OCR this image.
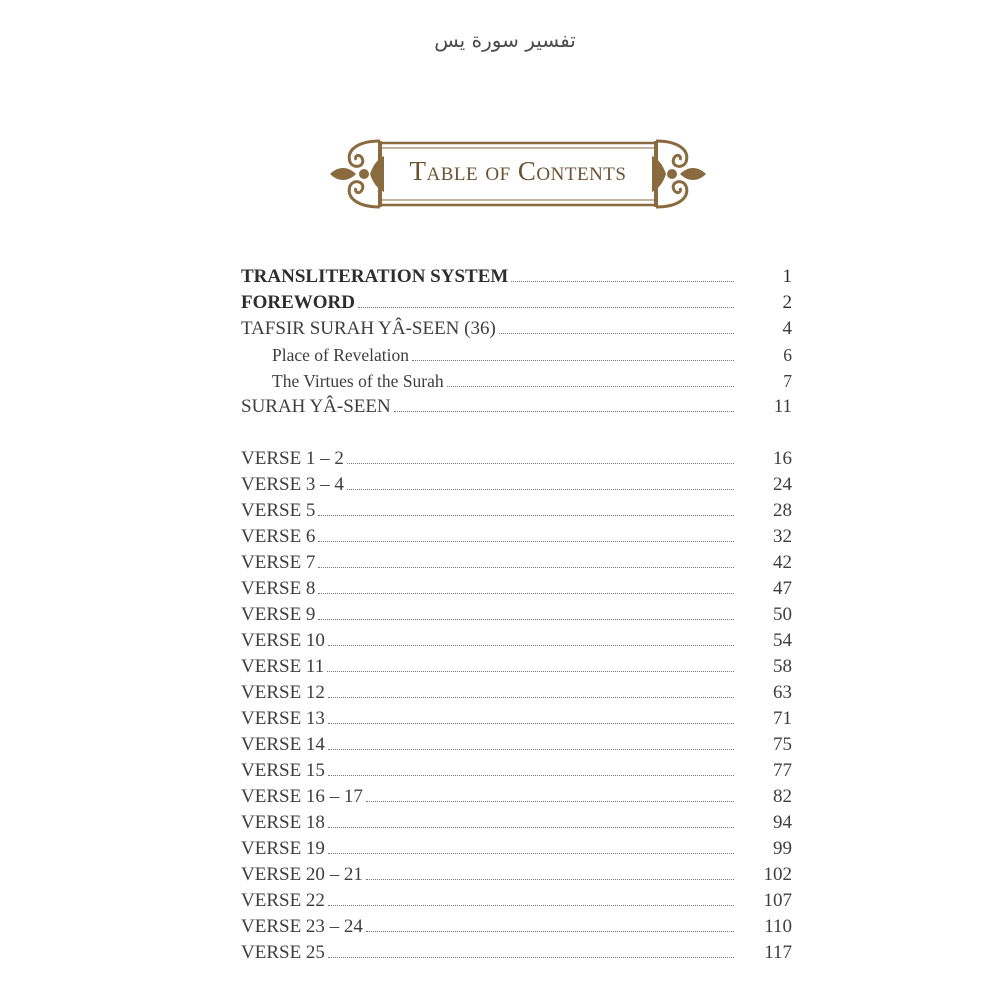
تفسير سورة يس
Table of Contents
TRANSLITERATION SYSTEM	1
FOREWORD	2
TAFSIR SURAH YÂ-SEEN (36)	4
Place of Revelation	6
The Virtues of the Surah	7
SURAH YÂ-SEEN	11
VERSE 1 – 2	16
VERSE 3 – 4	24
VERSE 5	28
VERSE 6	32
VERSE 7	42
VERSE 8	47
VERSE 9	50
VERSE 10	54
VERSE 11	58
VERSE 12	63
VERSE 13	71
VERSE 14	75
VERSE 15	77
VERSE 16 – 17	82
VERSE 18	94
VERSE 19	99
VERSE 20 – 21	102
VERSE 22	107
VERSE 23 – 24	110
VERSE 25	117
